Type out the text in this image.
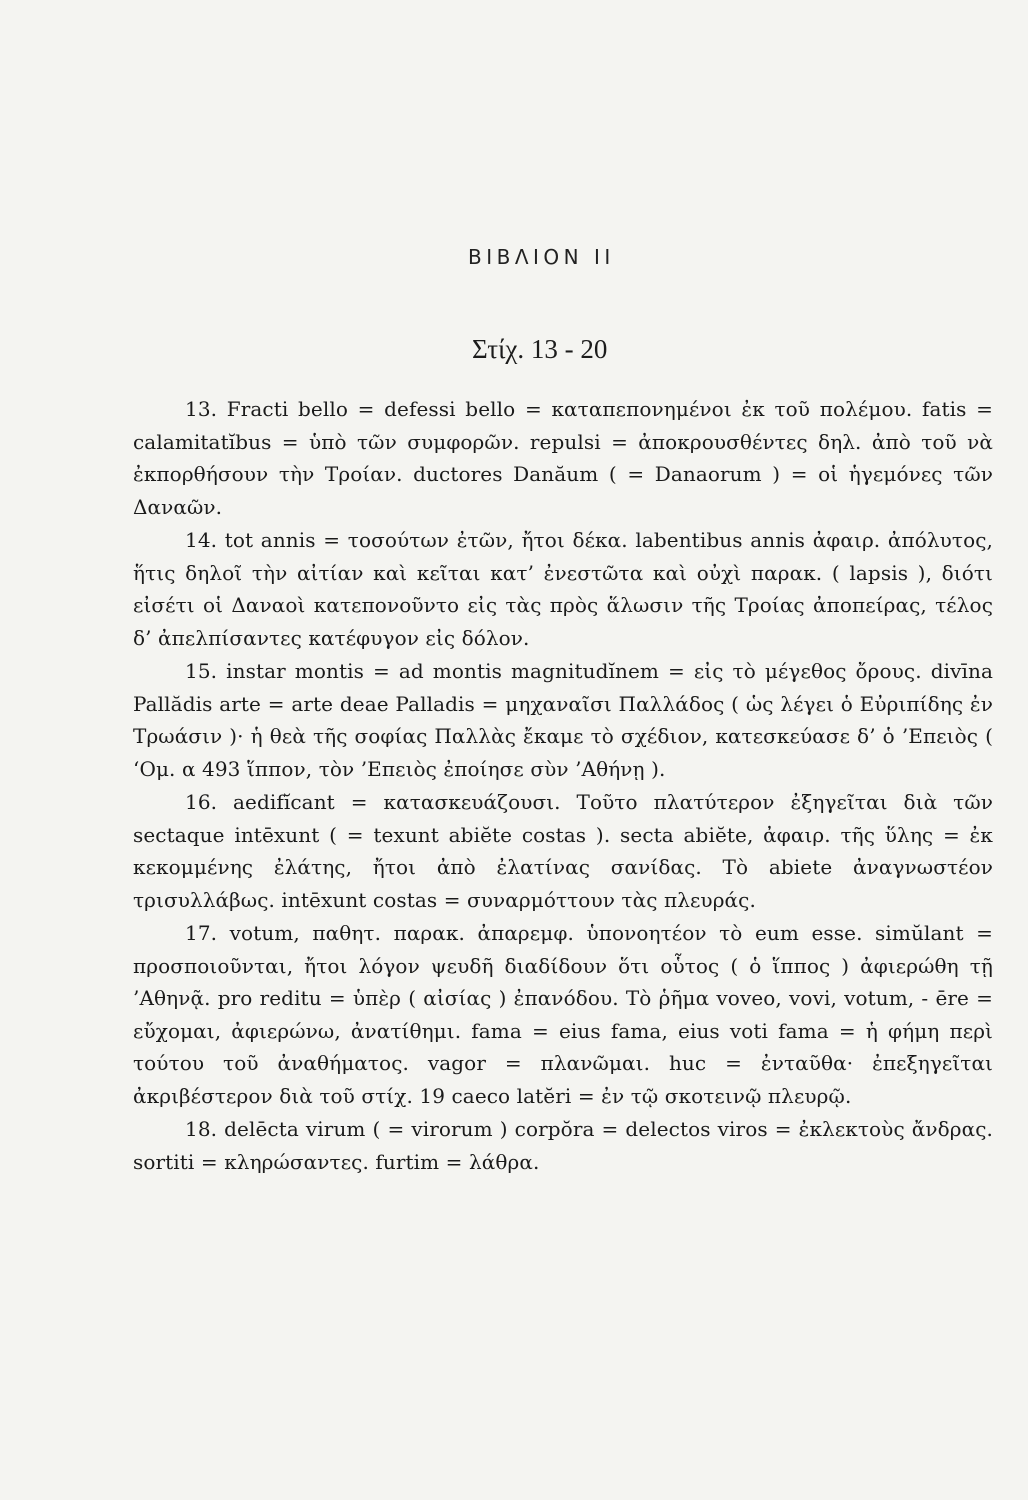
ΒΙΒΛΙΟΝ ΙΙ
Στίχ. 13 - 20

13. Fracti bello = defessi bello = καταπεπονημένοι ἐκ τοῦ πολέμου. fatis = calamitatĭbus = ὑπὸ τῶν συμφορῶν. repulsi = ἀποκρουσθέντες δηλ. ἀπὸ τοῦ νὰ ἐκπορθήσουν τὴν Τροίαν. ductores Danăum ( = Danaorum ) = οἱ ἡγεμόνες τῶν Δαναῶν.

14. tot annis = τοσούτων ἐτῶν, ἤτοι δέκα. labentibus annis ἀφαιρ. ἀπόλυτος, ἥτις δηλοῖ τὴν αἰτίαν καὶ κεῖται κατ’ ἐνεστῶτα καὶ οὐχὶ παρακ. ( lapsis ), διότι εἰσέτι οἱ Δαναοὶ κατεπονοῦντο εἰς τὰς πρὸς ἅλωσιν τῆς Τροίας ἀποπείρας, τέλος δ’ ἀπελπίσαντες κατέφυγον εἰς δόλον.

15. instar montis = ad montis magnitudĭnem = εἰς τὸ μέγεθος ὄρους. divīna Pallădis arte = arte deae Palladis = μηχαναῖσι Παλλάδος ( ὡς λέγει ὁ Εὐριπίδης ἐν Τρωάσιν )· ἡ θεὰ τῆς σοφίας Παλλὰς ἔκαμε τὸ σχέδιον, κατεσκεύασε δ’ ὁ ’Επειὸς ( ‘Ομ. α 493 ἵππον, τὸν ’Επειὸς ἐποίησε σὺν ’Αθήνῃ ).

16. aedifĭcant = κατασκευάζουσι. Τοῦτο πλατύτερον ἐξηγεῖται διὰ τῶν sectaque intēxunt ( = texunt abiĕte costas ). secta abiĕte, ἀφαιρ. τῆς ὕλης = ἐκ κεκομμένης ἐλάτης, ἤτοι ἀπὸ ἐλατίνας σανίδας. Τὸ abiete ἀναγνωστέον τρισυλλάβως. intēxunt costas = συναρμόττουν τὰς πλευράς.

17. votum, παθητ. παρακ. ἀπαρεμφ. ὑπονοητέον τὸ eum esse. simŭlant = προσποιοῦνται, ἤτοι λόγον ψευδῆ διαδίδουν ὅτι οὗτος ( ὁ ἵππος ) ἀφιερώθη τῇ ’Αθηνᾷ. pro reditu = ὑπὲρ ( αἰσίας ) ἐπανόδου. Τὸ ῥῆμα voveo, vovi, votum, - ēre = εὔχομαι, ἀφιερώνω, ἀνατίθημι. fama = eius fama, eius voti fama = ἡ φήμη περὶ τούτου τοῦ ἀναθήματος. vagor = πλανῶμαι. huc = ἐνταῦθα· ἐπεξηγεῖται ἀκριβέστερον διὰ τοῦ στίχ. 19 caeco latĕri = ἐν τῷ σκοτεινῷ πλευρῷ.

18. delēcta virum ( = virorum ) corpŏra = delectos viros = ἐκλεκτοὺς ἄνδρας. sortiti = κληρώσαντες. furtim = λάθρα.
